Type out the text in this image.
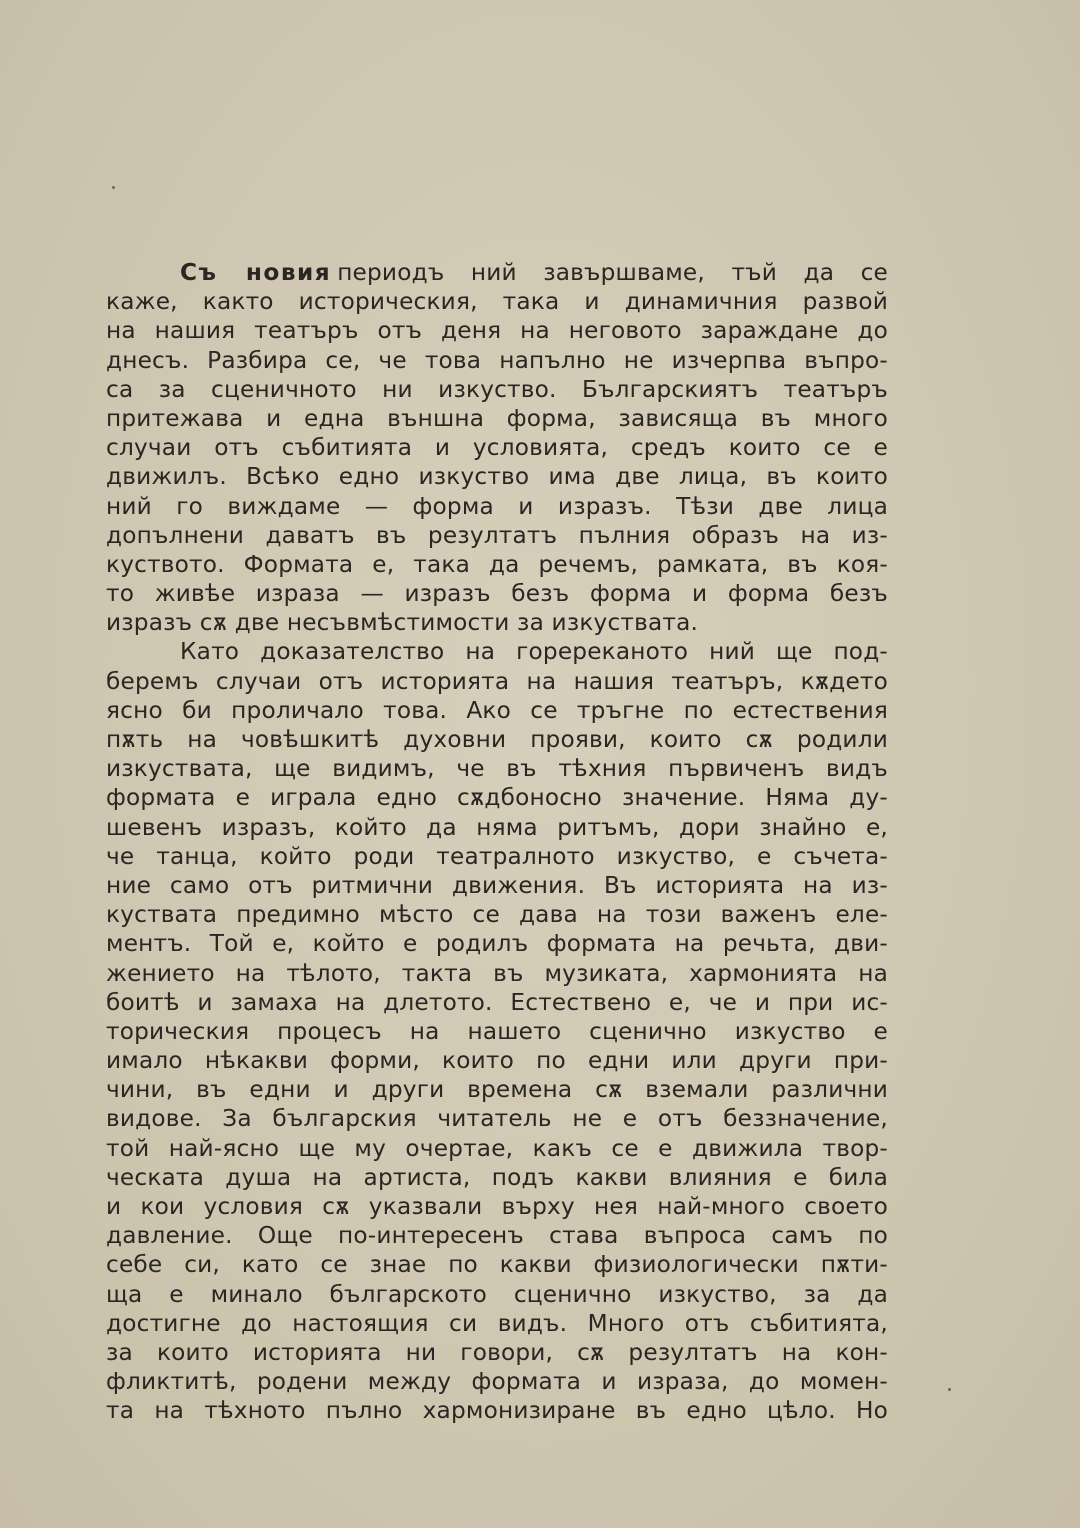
Съ новия периодъ ний завършваме, тъй да се
каже, както историческия, тaка и динамичния развой
на нашия театъръ отъ деня на неговото зараждане до
днесъ. Разбира се, че това напълно не изчерпва въпро-
са за сценичното ни изкуство. Българскиятъ театъръ
притежава и една външна форма, зависяща въ много
случаи отъ събитията и условията, средъ които се е
движилъ. Всѣко едно изкуство има две лица, въ които
ний го виждаме — форма и изразъ. Тѣзи две лица
допълнени даватъ въ резултатъ пълния образъ на из-
куството. Формата е, така да речемъ, рамката, въ коя-
то живѣе израза — изразъ безъ форма и форма безъ
изразъ сѫ две несъвмѣстимости за изкуствата.
Като доказателство на горереканото ний ще под-
беремъ случаи отъ историята на нашия театъръ, кѫдето
ясно би проличало това. Ако се тръгне по естествения
пѫть на човѣшкитѣ духовни прояви, които сѫ родили
изкуствата, ще видимъ, че въ тѣхния първиченъ видъ
формата е играла едно сѫдбоносно значение. Няма ду-
шевенъ изразъ, който да няма ритъмъ, дори знайно е,
че танца, който роди театралното изкуство, е съчета-
ние само отъ ритмични движения. Въ историята на из-
куствата предимно мѣсто се дава на този важенъ еле-
ментъ. Той е, който е родилъ формата на речьта, дви-
жението на тѣлото, такта въ музиката, хармонията на
боитѣ и замаха на длетото. Естествено е, че и при ис-
торическия процесъ на нашето сценично изкуство е
имало нѣкакви форми, които по едни или други при-
чини, въ едни и други времена сѫ вземали различни
видове. За българския читатель не е отъ беззначение,
той най-ясно ще му очертае, какъ се е движила твор-
ческата душа на артиста, подъ какви влияния е била
и кои условия сѫ указвали върху нея най-много своето
давление. Още по-интересенъ става въпроса самъ по
себе си, като се знае по какви физиологически пѫти-
ща е минало българското сценично изкуство, за да
достигне до настоящия си видъ. Много отъ събитията,
за които историята ни говори, сѫ резултатъ на кон-
фликтитѣ, родени между формата и израза, до момен-
та на тѣхното пълно хармонизиране въ едно цѣло. Но
